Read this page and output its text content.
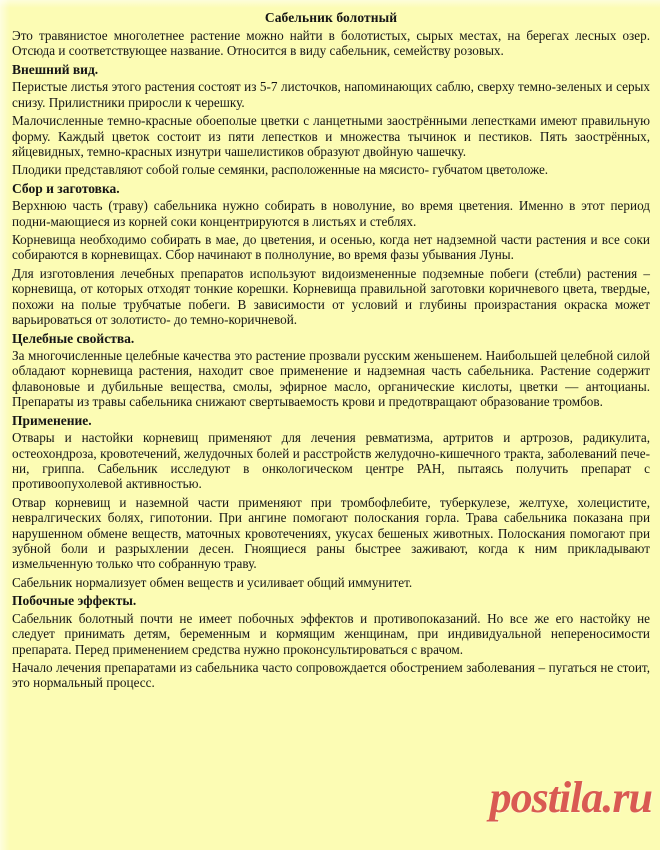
Сабельник болотный

Это травянистое многолетнее растение можно найти в болотистых, сырых местах, на берегах лесных озер. Отсюда и соответствующее название. Относится в виду сабельник, семейству розовых.

Внешний вид.

Перистые листья этого растения состоят из 5-7 листочков, напоминающих саблю, сверху темно-зеленых и серых снизу. Прилистники приросли к черешку.

Малочисленные темно-красные обоеполые цветки с ланцетными заострёнными лепестками имеют правильную форму. Каждый цветок состоит из пяти лепестков и множества тычинок и пестиков. Пять заострённых, яйцевидных, темно-красных изнутри чашелистиков образуют двойную чашечку.

Плодики представляют собой голые семянки, расположенные на мясисто- губчатом цветоложе.

Сбор и заготовка.

Верхнюю часть (траву) сабельника нужно собирать в новолуние, во время цветения. Именно в этот период подни-мающиеся из корней соки концентрируются в листьях и стеблях.

Корневища необходимо собирать в мае, до цветения, и осенью, когда нет надземной части растения и все соки собираются в корневищах. Сбор начинают в полнолуние, во время фазы убывания Луны.

Для изготовления лечебных препаратов используют видоизмененные подземные побеги (стебли) растения – корневища, от которых отходят тонкие корешки. Корневища правильной заготовки коричневого цвета, твердые, похожи на полые трубчатые побеги. В зависимости от условий и глубины произрастания окраска может варьироваться от золотисто- до темно-коричневой.

Целебные свойства.

За многочисленные целебные качества это растение прозвали русским женьшенем. Наибольшей целебной силой обладают корневища растения, находит свое применение и надземная часть сабельника. Растение содержит флавоновые и дубильные вещества, смолы, эфирное масло, органические кислоты, цветки — антоцианы. Препараты из травы сабельника снижают свертываемость крови и предотвращают образование тромбов.

Применение.

Отвары и настойки корневищ применяют для лечения ревматизма, артритов и артрозов, радикулита, остеохондроза, кровотечений, желудочных болей и расстройств желудочно-кишечного тракта, заболеваний пече-ни, гриппа. Сабельник исследуют в онкологическом центре РАН, пытаясь получить препарат с противоопухолевой активностью.

Отвар корневищ и наземной части применяют при тромбофлебите, туберкулезе, желтухе, холецистите, невралгических болях, гипотонии. При ангине помогают полоскания горла. Трава сабельника показана при нарушенном обмене веществ, маточных кровотечениях, укусах бешеных животных. Полоскания помогают при зубной боли и разрыхлении десен. Гноящиеся раны быстрее заживают, когда к ним прикладывают измельченную только что собранную траву.

Сабельник нормализует обмен веществ и усиливает общий иммунитет.

Побочные эффекты.

Сабельник болотный почти не имеет побочных эффектов и противопоказаний. Но все же его настойку не следует принимать детям, беременным и кормящим женщинам, при индивидуальной непереносимости препарата. Перед применением средства нужно проконсультироваться с врачом.

Начало лечения препаратами из сабельника часто сопровождается обострением заболевания – пугаться не стоит, это нормальный процесс.

postila.ru
